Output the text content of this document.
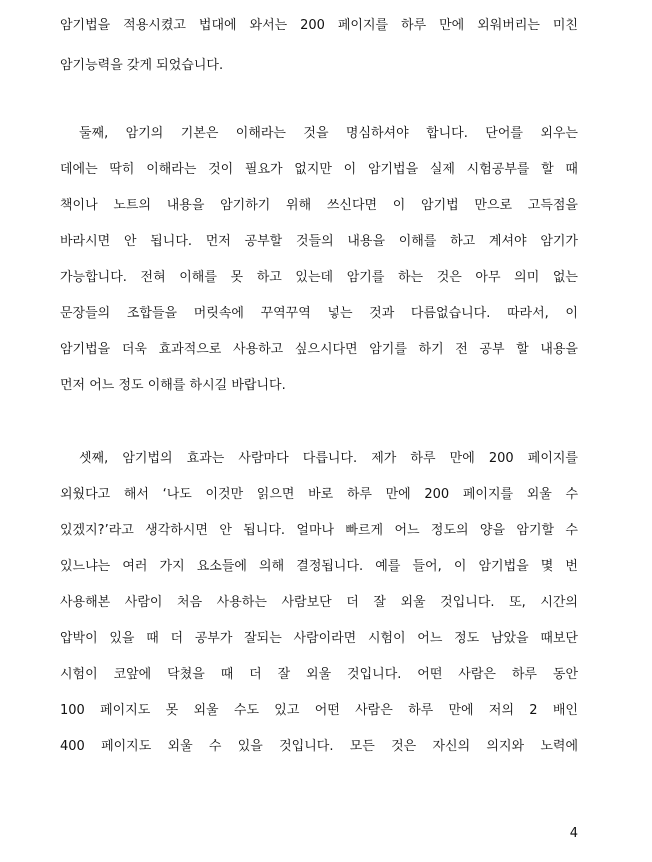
암기법을 적용시켰고 법대에 와서는 200 페이지를 하루 만에 외워버리는 미친
암기능력을 갖게 되었습니다.
둘째, 암기의 기본은 이해라는 것을 명심하셔야 합니다. 단어를 외우는
데에는 딱히 이해라는 것이 필요가 없지만 이 암기법을 실제 시험공부를 할 때
책이나 노트의 내용을 암기하기 위해 쓰신다면 이 암기법 만으로 고득점을
바라시면 안 됩니다. 먼저 공부할 것들의 내용을 이해를 하고 계셔야 암기가
가능합니다. 전혀 이해를 못 하고 있는데 암기를 하는 것은 아무 의미 없는
문장들의 조합들을 머릿속에 꾸역꾸역 넣는 것과 다름없습니다. 따라서, 이
암기법을 더욱 효과적으로 사용하고 싶으시다면 암기를 하기 전 공부 할 내용을
먼저 어느 정도 이해를 하시길 바랍니다.
셋째, 암기법의 효과는 사람마다 다릅니다. 제가 하루 만에 200 페이지를
외웠다고 해서 ‘나도 이것만 읽으면 바로 하루 만에 200 페이지를 외울 수
있겠지?’라고 생각하시면 안 됩니다. 얼마나 빠르게 어느 정도의 양을 암기할 수
있느냐는 여러 가지 요소들에 의해 결정됩니다. 예를 들어, 이 암기법을 몇 번
사용해본 사람이 처음 사용하는 사람보단 더 잘 외울 것입니다. 또, 시간의
압박이 있을 때 더 공부가 잘되는 사람이라면 시험이 어느 정도 남았을 때보단
시험이 코앞에 닥쳤을 때 더 잘 외울 것입니다. 어떤 사람은 하루 동안
100 페이지도 못 외울 수도 있고 어떤 사람은 하루 만에 저의 2 배인
400 페이지도 외울 수 있을 것입니다. 모든 것은 자신의 의지와 노력에
4
